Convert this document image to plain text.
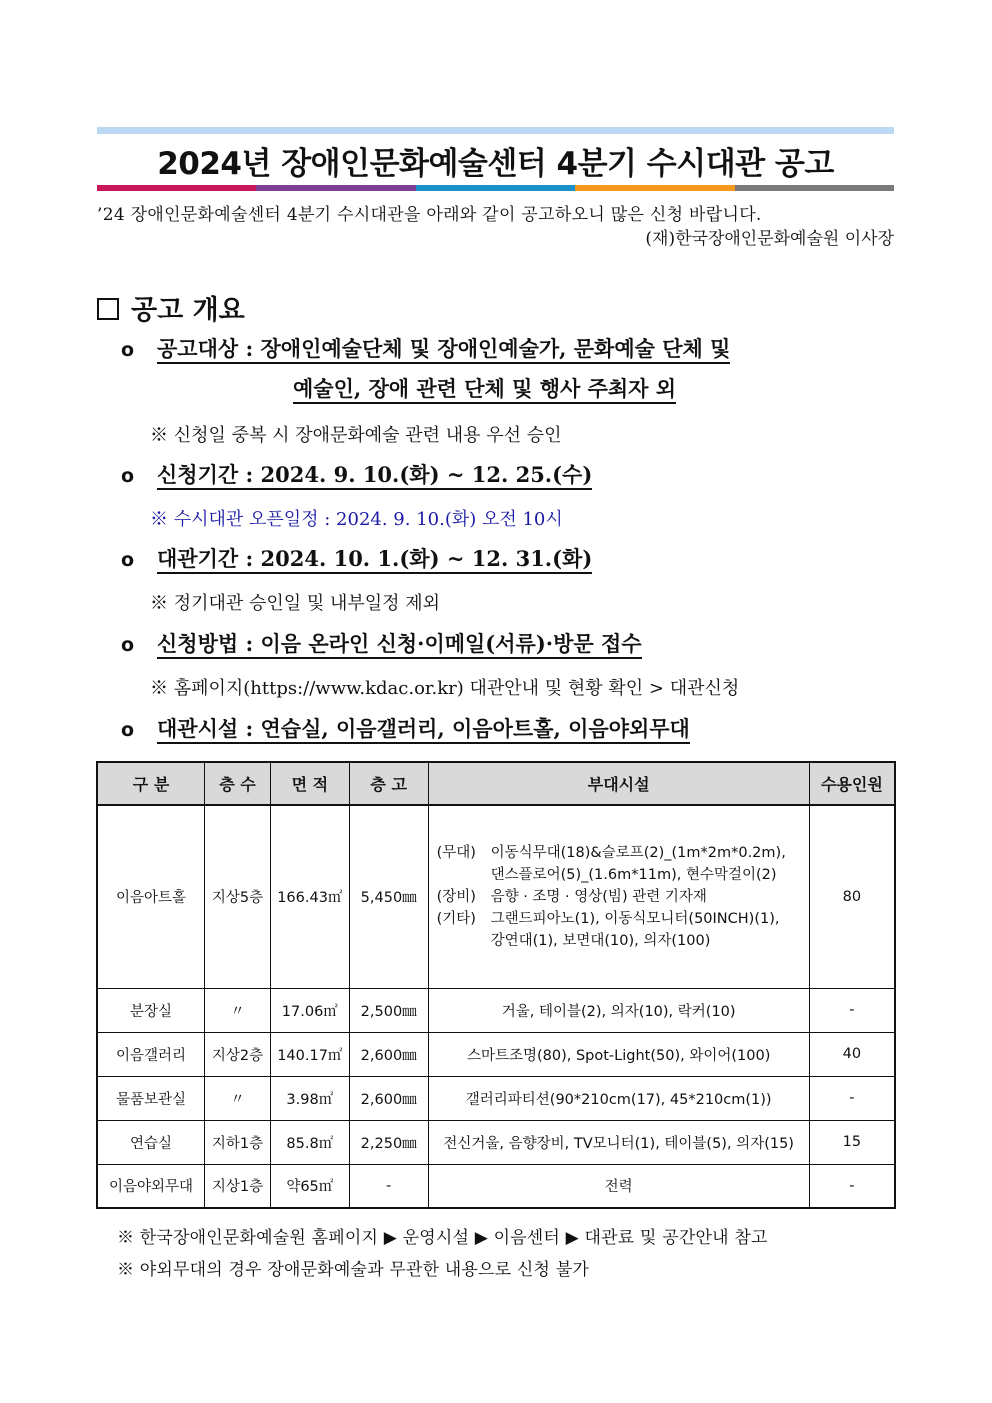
2024년 장애인문화예술센터 4분기 수시대관 공고
’24 장애인문화예술센터 4분기 수시대관을 아래와 같이 공고하오니 많은 신청 바랍니다.
(재)한국장애인문화예술원 이사장
공고 개요
o 공고대상 : 장애인예술단체 및 장애인예술가, 문화예술 단체 및
예술인, 장애 관련 단체 및 행사 주최자 외
※ 신청일 중복 시 장애문화예술 관련 내용 우선 승인
o 신청기간 : 2024. 9. 10.(화) ~ 12. 25.(수)
※ 수시대관 오픈일정 : 2024. 9. 10.(화) 오전 10시
o 대관기간 : 2024. 10. 1.(화) ~ 12. 31.(화)
※ 정기대관 승인일 및 내부일정 제외
o 신청방법 : 이음 온라인 신청·이메일(서류)·방문 접수
※ 홈페이지(https://www.kdac.or.kr) 대관안내 및 현황 확인 > 대관신청
o 대관시설 : 연습실, 이음갤러리, 이음아트홀, 이음야외무대
구 분	층 수	면 적	층 고	부대시설	수용인원
이음아트홀	지상5층	166.43㎡	5,450㎜	(무대) 이동식무대(18)&슬로프(2)_(1m*2m*0.2m),
댄스플로어(5)_(1.6m*11m), 현수막걸이(2)
(장비) 음향 · 조명 · 영상(빔) 관련 기자재
(기타) 그랜드피아노(1), 이동식모니터(50INCH)(1),
강연대(1), 보면대(10), 의자(100)	80
분장실	〃	17.06㎡	2,500㎜	거울, 테이블(2), 의자(10), 락커(10)	-
이음갤러리	지상2층	140.17㎡	2,600㎜	스마트조명(80), Spot-Light(50), 와이어(100)	40
물품보관실	〃	3.98㎡	2,600㎜	갤러리파티션(90*210cm(17), 45*210cm(1))	-
연습실	지하1층	85.8㎡	2,250㎜	전신거울, 음향장비, TV모니터(1), 테이블(5), 의자(15)	15
이음야외무대	지상1층	약65㎡	-	전력	-
※ 한국장애인문화예술원 홈페이지 ▶ 운영시설 ▶ 이음센터 ▶ 대관료 및 공간안내 참고
※ 야외무대의 경우 장애문화예술과 무관한 내용으로 신청 불가
